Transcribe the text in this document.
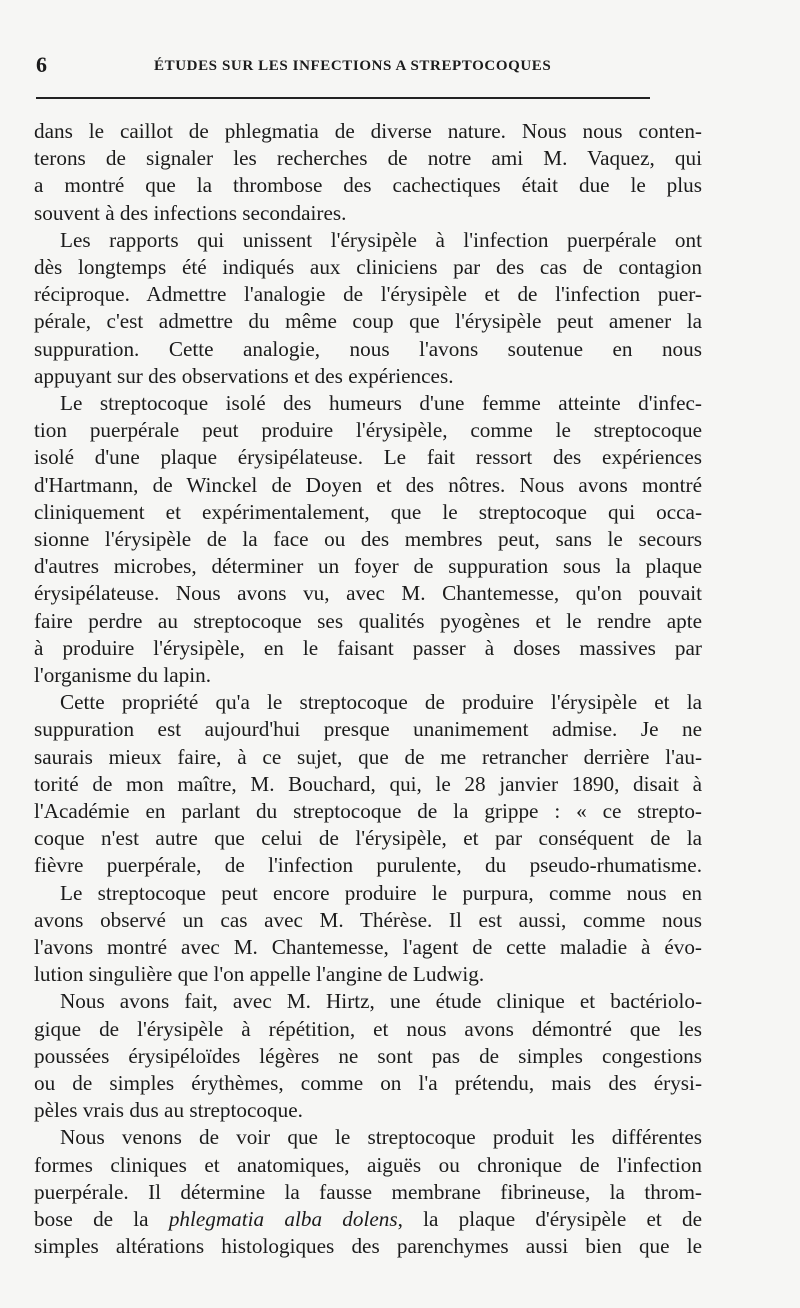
6	ÉTUDES SUR LES INFECTIONS A STREPTOCOQUES
dans le caillot de phlegmatia de diverse nature. Nous nous conten-
terons de signaler les recherches de notre ami M. Vaquez, qui
a montré que la thrombose des cachectiques était due le plus
souvent à des infections secondaires.
Les rapports qui unissent l'érysipèle à l'infection puerpérale ont
dès longtemps été indiqués aux cliniciens par des cas de contagion
réciproque. Admettre l'analogie de l'érysipèle et de l'infection puer-
pérale, c'est admettre du même coup que l'érysipèle peut amener la
suppuration. Cette analogie, nous l'avons soutenue en nous
appuyant sur des observations et des expériences.
Le streptocoque isolé des humeurs d'une femme atteinte d'infec-
tion puerpérale peut produire l'érysipèle, comme le streptocoque
isolé d'une plaque érysipélateuse. Le fait ressort des expériences
d'Hartmann, de Winckel de Doyen et des nôtres. Nous avons montré
cliniquement et expérimentalement, que le streptocoque qui occa-
sionne l'érysipèle de la face ou des membres peut, sans le secours
d'autres microbes, déterminer un foyer de suppuration sous la plaque
érysipélateuse. Nous avons vu, avec M. Chantemesse, qu'on pouvait
faire perdre au streptocoque ses qualités pyogènes et le rendre apte
à produire l'érysipèle, en le faisant passer à doses massives par
l'organisme du lapin.
Cette propriété qu'a le streptocoque de produire l'érysipèle et la
suppuration est aujourd'hui presque unanimement admise. Je ne
saurais mieux faire, à ce sujet, que de me retrancher derrière l'au-
torité de mon maître, M. Bouchard, qui, le 28 janvier 1890, disait à
l'Académie en parlant du streptocoque de la grippe : « ce strepto-
coque n'est autre que celui de l'érysipèle, et par conséquent de la
fièvre puerpérale, de l'infection purulente, du pseudo-rhumatisme.
Le streptocoque peut encore produire le purpura, comme nous en
avons observé un cas avec M. Thérèse. Il est aussi, comme nous
l'avons montré avec M. Chantemesse, l'agent de cette maladie à évo-
lution singulière que l'on appelle l'angine de Ludwig.
Nous avons fait, avec M. Hirtz, une étude clinique et bactériolo-
gique de l'érysipèle à répétition, et nous avons démontré que les
poussées érysipéloïdes légères ne sont pas de simples congestions
ou de simples érythèmes, comme on l'a prétendu, mais des érysi-
pèles vrais dus au streptocoque.
Nous venons de voir que le streptocoque produit les différentes
formes cliniques et anatomiques, aiguës ou chronique de l'infection
puerpérale. Il détermine la fausse membrane fibrineuse, la throm-
bose de la phlegmatia alba dolens, la plaque d'érysipèle et de
simples altérations histologiques des parenchymes aussi bien que le
